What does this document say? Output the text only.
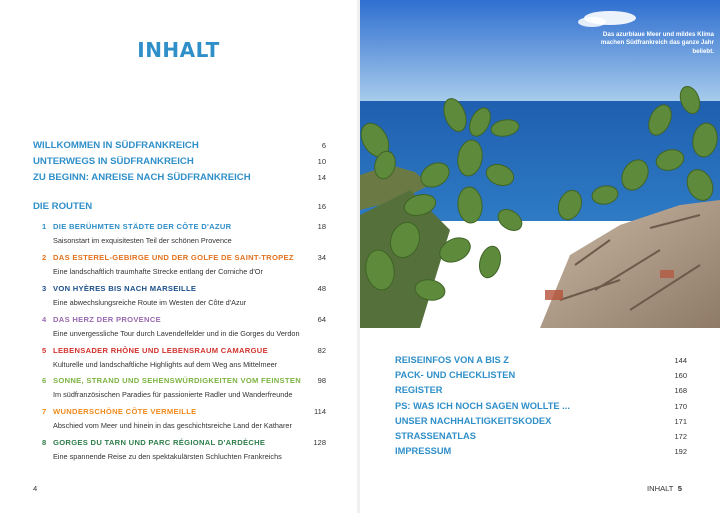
INHALT
WILLKOMMEN IN SÜDFRANKREICH	6
UNTERWEGS IN SÜDFRANKREICH	10
ZU BEGINN: ANREISE NACH SÜDFRANKREICH	14
DIE ROUTEN	16
1 DIE BERÜHMTEN STÄDTE DER CÔTE D'AZUR	18
Saisonstart im exquisitesten Teil der schönen Provence
2 DAS ESTEREL-GEBIRGE UND DER GOLFE DE SAINT-TROPEZ	34
Eine landschaftlich traumhafte Strecke entlang der Corniche d'Or
3 VON HYÈRES BIS NACH MARSEILLE	48
Eine abwechslungsreiche Route im Westen der Côte d'Azur
4 DAS HERZ DER PROVENCE	64
Eine unvergessliche Tour durch Lavendelfelder und in die Gorges du Verdon
5 LEBENSADER RHÔNE UND LEBENSRAUM CAMARGUE	82
Kulturelle und landschaftliche Highlights auf dem Weg ans Mittelmeer
6 SONNE, STRAND UND SEHENSWÜRDIGKEITEN VOM FEINSTEN	98
Im südfranzösischen Paradies für passionierte Radler und Wanderfreunde
7 WUNDERSCHÖNE CÔTE VERMEILLE	114
Abschied vom Meer und hinein in das geschichtsreiche Land der Katharer
8 GORGES DU TARN UND PARC RÉGIONAL D'ARDÈCHE	128
Eine spannende Reise zu den spektakulärsten Schluchten Frankreichs
4
Das azurblaue Meer und mildes Klima machen Südfrankreich das ganze Jahr beliebt.
REISEINFOS VON A BIS Z	144
PACK- UND CHECKLISTEN	160
REGISTER	168
PS: WAS ICH NOCH SAGEN WOLLTE ...	170
UNSER NACHHALTIGKEITSKODEX	171
STRASSENATLAS	172
IMPRESSUM	192
INHALT 5
